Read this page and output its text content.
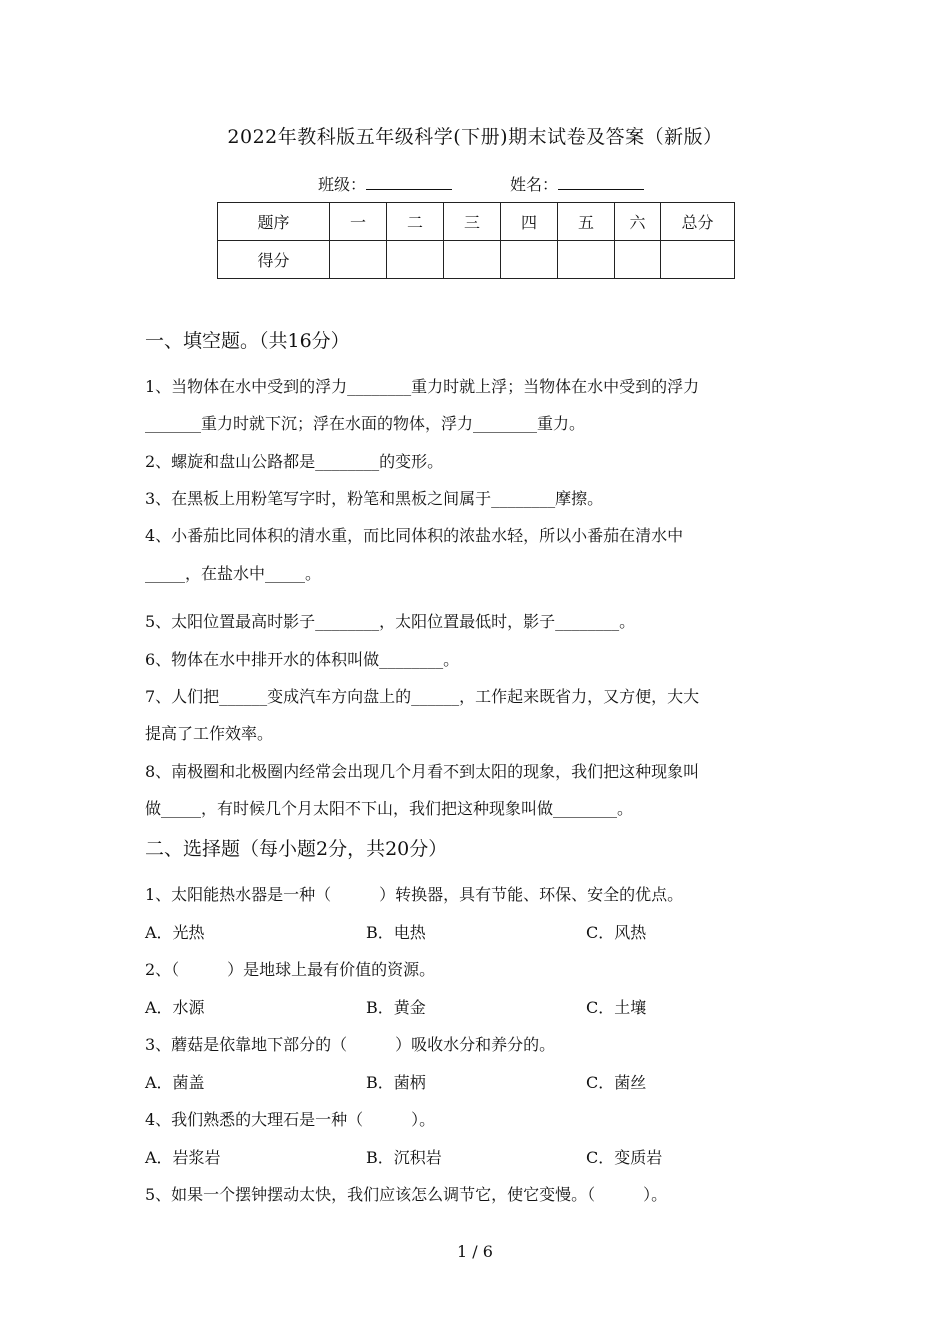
2022年教科版五年级科学(下册)期末试卷及答案（新版）
班级：	姓名：
题序	一	二	三	四	五	六	总分
得分							
一、填空题。（共16分）
1、当物体在水中受到的浮力________重力时就上浮；当物体在水中受到的浮力
_______重力时就下沉；浮在水面的物体，浮力________重力。
2、螺旋和盘山公路都是________的变形。
3、在黑板上用粉笔写字时，粉笔和黑板之间属于________摩擦。
4、小番茄比同体积的清水重，而比同体积的浓盐水轻，所以小番茄在清水中
_____，在盐水中_____。
5、太阳位置最高时影子________，太阳位置最低时，影子________。
6、物体在水中排开水的体积叫做________。
7、人们把______变成汽车方向盘上的______，工作起来既省力，又方便，大大
提高了工作效率。
8、南极圈和北极圈内经常会出现几个月看不到太阳的现象，我们把这种现象叫
做_____，有时候几个月太阳不下山，我们把这种现象叫做________。
二、选择题（每小题2分，共20分）
1、太阳能热水器是一种（　　　）转换器，具有节能、环保、安全的优点。
A．光热	B．电热	C．风热
2、（　　　）是地球上最有价值的资源。
A．水源	B．黄金	C．土壤
3、蘑菇是依靠地下部分的（　　　）吸收水分和养分的。
A．菌盖	B．菌柄	C．菌丝
4、我们熟悉的大理石是一种（　　　）。
A．岩浆岩	B．沉积岩	C．变质岩
5、如果一个摆钟摆动太快，我们应该怎么调节它，使它变慢。（　　　）。
1 / 6
